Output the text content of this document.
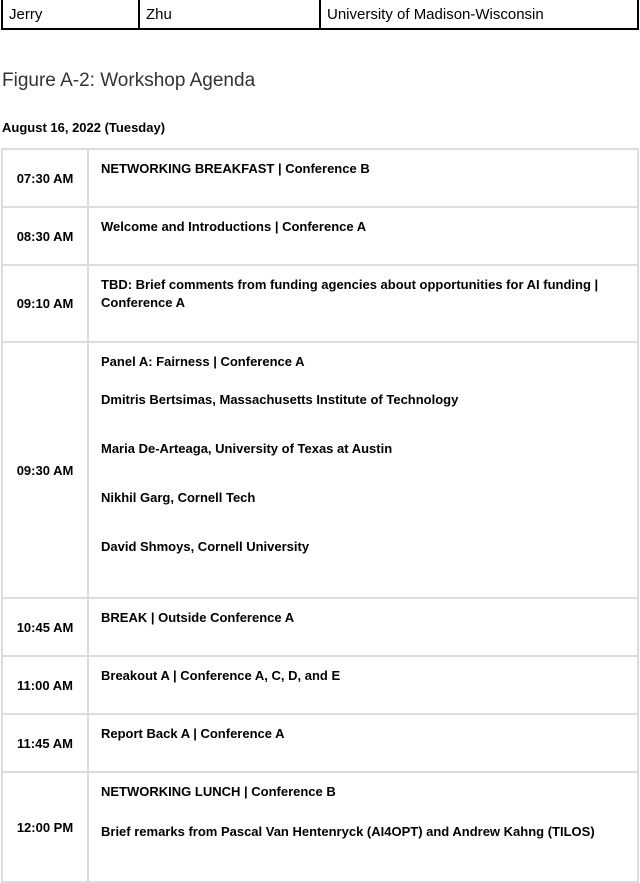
Jerry	Zhu	University of Madison-Wisconsin
Figure A-2: Workshop Agenda

August 16, 2022 (Tuesday)

07:30 AM	NETWORKING BREAKFAST | Conference B

08:30 AM	Welcome and Introductions | Conference A

09:10 AM	TBD: Brief comments from funding agencies about opportunities for AI funding |
Conference A

09:30 AM	Panel A: Fairness | Conference A
Dmitris Bertsimas, Massachusetts Institute of Technology
Maria De-Arteaga, University of Texas at Austin
Nikhil Garg, Cornell Tech
David Shmoys, Cornell University

10:45 AM	BREAK | Outside Conference A

11:00 AM	Breakout A | Conference A, C, D, and E

11:45 AM	Report Back A | Conference A

12:00 PM	NETWORKING LUNCH | Conference B
Brief remarks from Pascal Van Hentenryck (AI4OPT) and Andrew Kahng (TILOS)
